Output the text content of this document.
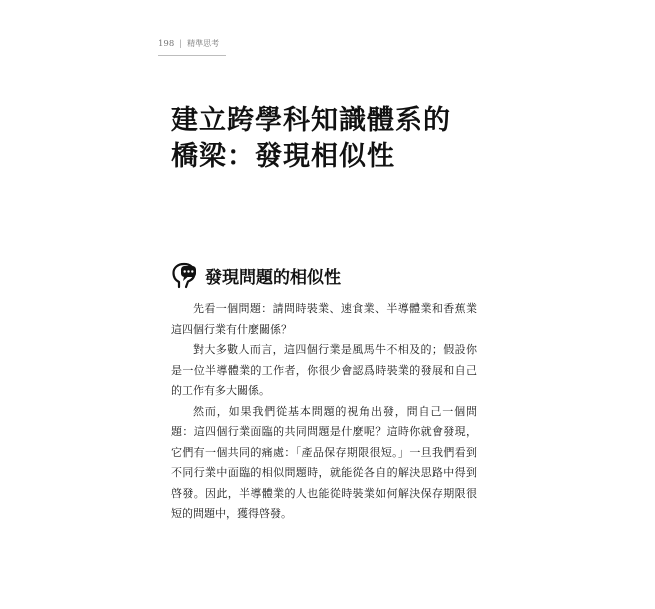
198 | 精準思考
建立跨學科知識體系的
橋梁：發現相似性
發現問題的相似性

先看一個問題：請問時裝業、速食業、半導體業和香蕉業這四個行業有什麼關係？

對大多數人而言，這四個行業是風馬牛不相及的；假設你是一位半導體業的工作者，你很少會認爲時裝業的發展和自己的工作有多大關係。

然而，如果我們從基本問題的視角出發，問自己一個問題：這四個行業面臨的共同問題是什麼呢？這時你就會發現，它們有一個共同的痛處：「產品保存期限很短。」一旦我們看到不同行業中面臨的相似問題時，就能從各自的解決思路中得到啓發。因此，半導體業的人也能從時裝業如何解決保存期限很短的問題中，獲得啓發。
